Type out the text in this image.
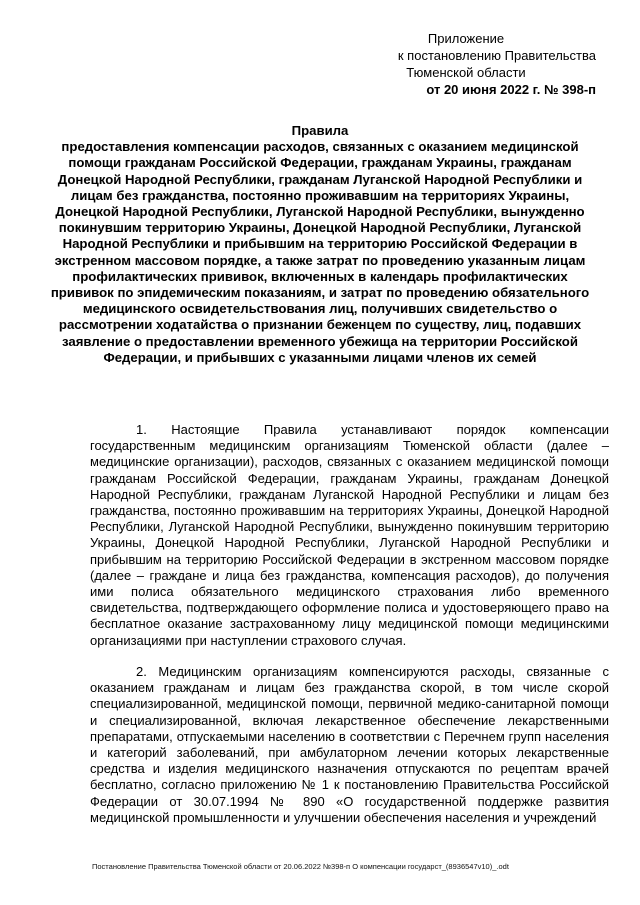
Приложение
к постановлению Правительства
Тюменской области
от 20 июня 2022 г. № 398-п
Правила
предоставления компенсации расходов, связанных с оказанием медицинской помощи гражданам Российской Федерации, гражданам Украины, гражданам Донецкой Народной Республики, гражданам Луганской Народной Республики и лицам без гражданства, постоянно проживавшим на территориях Украины, Донецкой Народной Республики, Луганской Народной Республики, вынужденно покинувшим территорию Украины, Донецкой Народной Республики, Луганской Народной Республики и прибывшим на территорию Российской Федерации в экстренном массовом порядке, а также затрат по проведению указанным лицам профилактических прививок, включенных в календарь профилактических прививок по эпидемическим показаниям, и затрат по проведению обязательного медицинского освидетельствования лиц, получивших свидетельство о рассмотрении ходатайства о признании беженцем по существу, лиц, подавших заявление о предоставлении временного убежища на территории Российской Федерации, и прибывших с указанными лицами членов их семей
1. Настоящие Правила устанавливают порядок компенсации государственным медицинским организациям Тюменской области (далее – медицинские организации), расходов, связанных с оказанием медицинской помощи гражданам Российской Федерации, гражданам Украины, гражданам Донецкой Народной Республики, гражданам Луганской Народной Республики и лицам без гражданства, постоянно проживавшим на территориях Украины, Донецкой Народной Республики, Луганской Народной Республики, вынужденно покинувшим территорию Украины, Донецкой Народной Республики, Луганской Народной Республики и прибывшим на территорию Российской Федерации в экстренном массовом порядке (далее – граждане и лица без гражданства, компенсация расходов), до получения ими полиса обязательного медицинского страхования либо временного свидетельства, подтверждающего оформление полиса и удостоверяющего право на бесплатное оказание застрахованному лицу медицинской помощи медицинскими организациями при наступлении страхового случая.
2. Медицинским организациям компенсируются расходы, связанные с оказанием гражданам и лицам без гражданства скорой, в том числе скорой специализированной, медицинской помощи, первичной медико-санитарной помощи и специализированной, включая лекарственное обеспечение лекарственными препаратами, отпускаемыми населению в соответствии с Перечнем групп населения и категорий заболеваний, при амбулаторном лечении которых лекарственные средства и изделия медицинского назначения отпускаются по рецептам врачей бесплатно, согласно приложению № 1 к постановлению Правительства Российской Федерации от 30.07.1994 № 890 «О государственной поддержке развития медицинской промышленности и улучшении обеспечения населения и учреждений
Постановление Правительства Тюменской области от 20.06.2022 №398-п О компенсации государст_(8936547v10)_.odt
